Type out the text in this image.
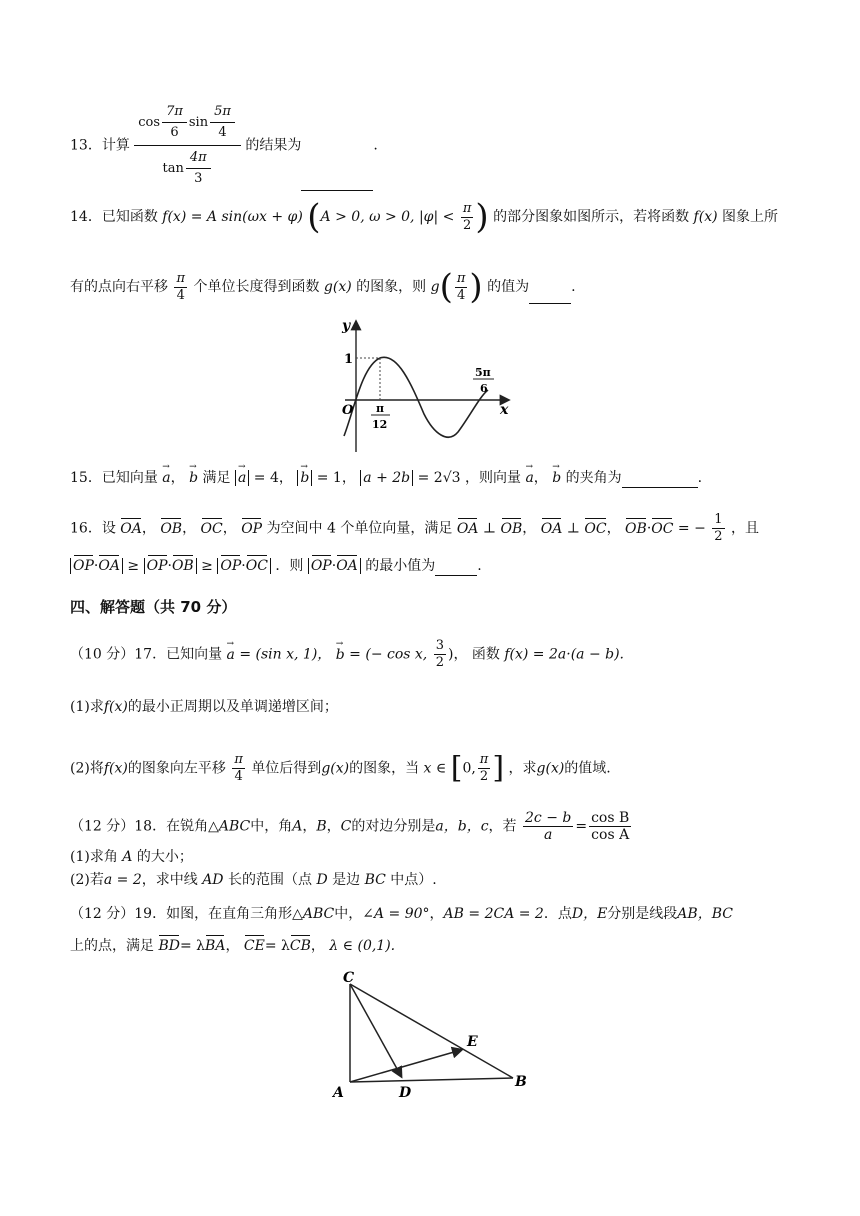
13．计算 $\frac{\cos \frac{7\pi}{6} \sin \frac{5\pi}{4}}{\tan \frac{4\pi}{3}}$ 的结果为	.
14．已知函数 f(x) = A sin(ωx + φ) (A > 0, ω > 0, $|\varphi| < \frac{\pi}{2}$ ) 的部分图象如图所示，若将函数 f(x) 图象上所
有的点向右平移 $\frac{\pi}{4}$ 个单位长度得到函数 g(x) 的图象，则 $g( \frac{\pi}{4}$ ) 的值为	.
y
x
O
1
π
12
5π
6
15．已知向量 a →， b → 满足 a → = 4， b → = 1， a + 2b = 2√3 ，则向量 a →， b → 的夹角为	.
16．设 OA， OB， OC， OP 为空间中 4 个单位向量，满足 OA ⊥ OB， OA ⊥ OC， OB·OC = − $\frac{1}{2}$ ，且
OP·OA ≥ OP·OB ≥ OP·OC ．则 OP·OA 的最小值为	.
四、解答题（共 70 分）
（10 分）17．已知向量 a → = (sin x, 1)， b → = (− cos x, $\frac{3}{2}$ )， 函数 f(x) = 2a·(a − b).
(1)求f(x)的最小正周期以及单调递增区间；
(2)将f(x)的图象向左平移 $\frac{\pi}{4}$ 单位后得到g(x)的图象，当 x ∈ [0, $\frac{\pi}{2}$ ] ，求g(x)的值域.
（12 分）18．在锐角△ABC中，角A，B，C的对边分别是a，b，c，若 $\frac{2c - b}{a} = \frac{\text{cos B}}{\text{cos A}}$
(1)求角 A 的大小；
(2)若a = 2，求中线 AD 长的范围（点 D 是边 BC 中点）.
（12 分）19．如图，在直角三角形△ABC中，∠A = 90°，AB = 2CA = 2．点D，E分别是线段AB，BC
上的点，满足 BD= λBA， CE= λCB， λ ∈ (0,1).
C
A	D
E
B
